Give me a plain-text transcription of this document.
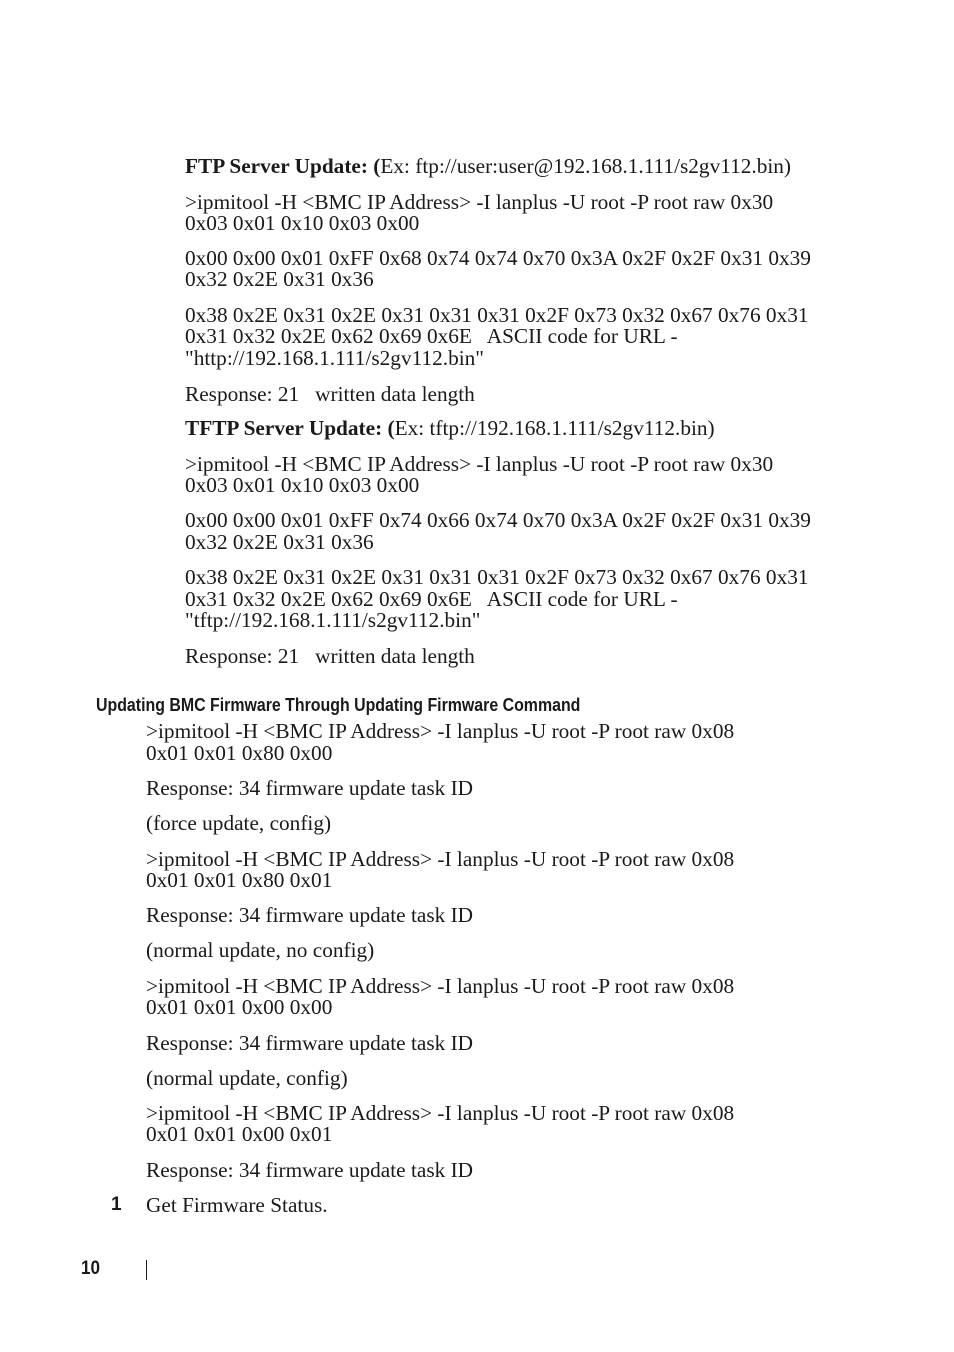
FTP Server Update: (Ex: ftp://user:user@192.168.1.111/s2gv112.bin)

>ipmitool -H <BMC IP Address> -I lanplus -U root -P root raw 0x30

0x03 0x01 0x10 0x03 0x00

0x00 0x00 0x01 0xFF 0x68 0x74 0x74 0x70 0x3A 0x2F 0x2F 0x31 0x39

0x32 0x2E 0x31 0x36

0x38 0x2E 0x31 0x2E 0x31 0x31 0x31 0x2F 0x73 0x32 0x67 0x76 0x31

0x31 0x32 0x2E 0x62 0x69 0x6E   ASCII code for URL -

"http://192.168.1.111/s2gv112.bin"

Response: 21   written data length

TFTP Server Update: (Ex: tftp://192.168.1.111/s2gv112.bin)

>ipmitool -H <BMC IP Address> -I lanplus -U root -P root raw 0x30

0x03 0x01 0x10 0x03 0x00

0x00 0x00 0x01 0xFF 0x74 0x66 0x74 0x70 0x3A 0x2F 0x2F 0x31 0x39

0x32 0x2E 0x31 0x36

0x38 0x2E 0x31 0x2E 0x31 0x31 0x31 0x2F 0x73 0x32 0x67 0x76 0x31

0x31 0x32 0x2E 0x62 0x69 0x6E   ASCII code for URL -

"tftp://192.168.1.111/s2gv112.bin"

Response: 21   written data length

Updating BMC Firmware Through Updating Firmware Command

>ipmitool -H <BMC IP Address> -I lanplus -U root -P root raw 0x08

0x01 0x01 0x80 0x00

Response: 34 firmware update task ID

(force update, config)

>ipmitool -H <BMC IP Address> -I lanplus -U root -P root raw 0x08

0x01 0x01 0x80 0x01

Response: 34 firmware update task ID

(normal update, no config)

>ipmitool -H <BMC IP Address> -I lanplus -U root -P root raw 0x08

0x01 0x01 0x00 0x00

Response: 34 firmware update task ID

(normal update, config)

>ipmitool -H <BMC IP Address> -I lanplus -U root -P root raw 0x08

0x01 0x01 0x00 0x01

Response: 34 firmware update task ID

1 Get Firmware Status.

10
